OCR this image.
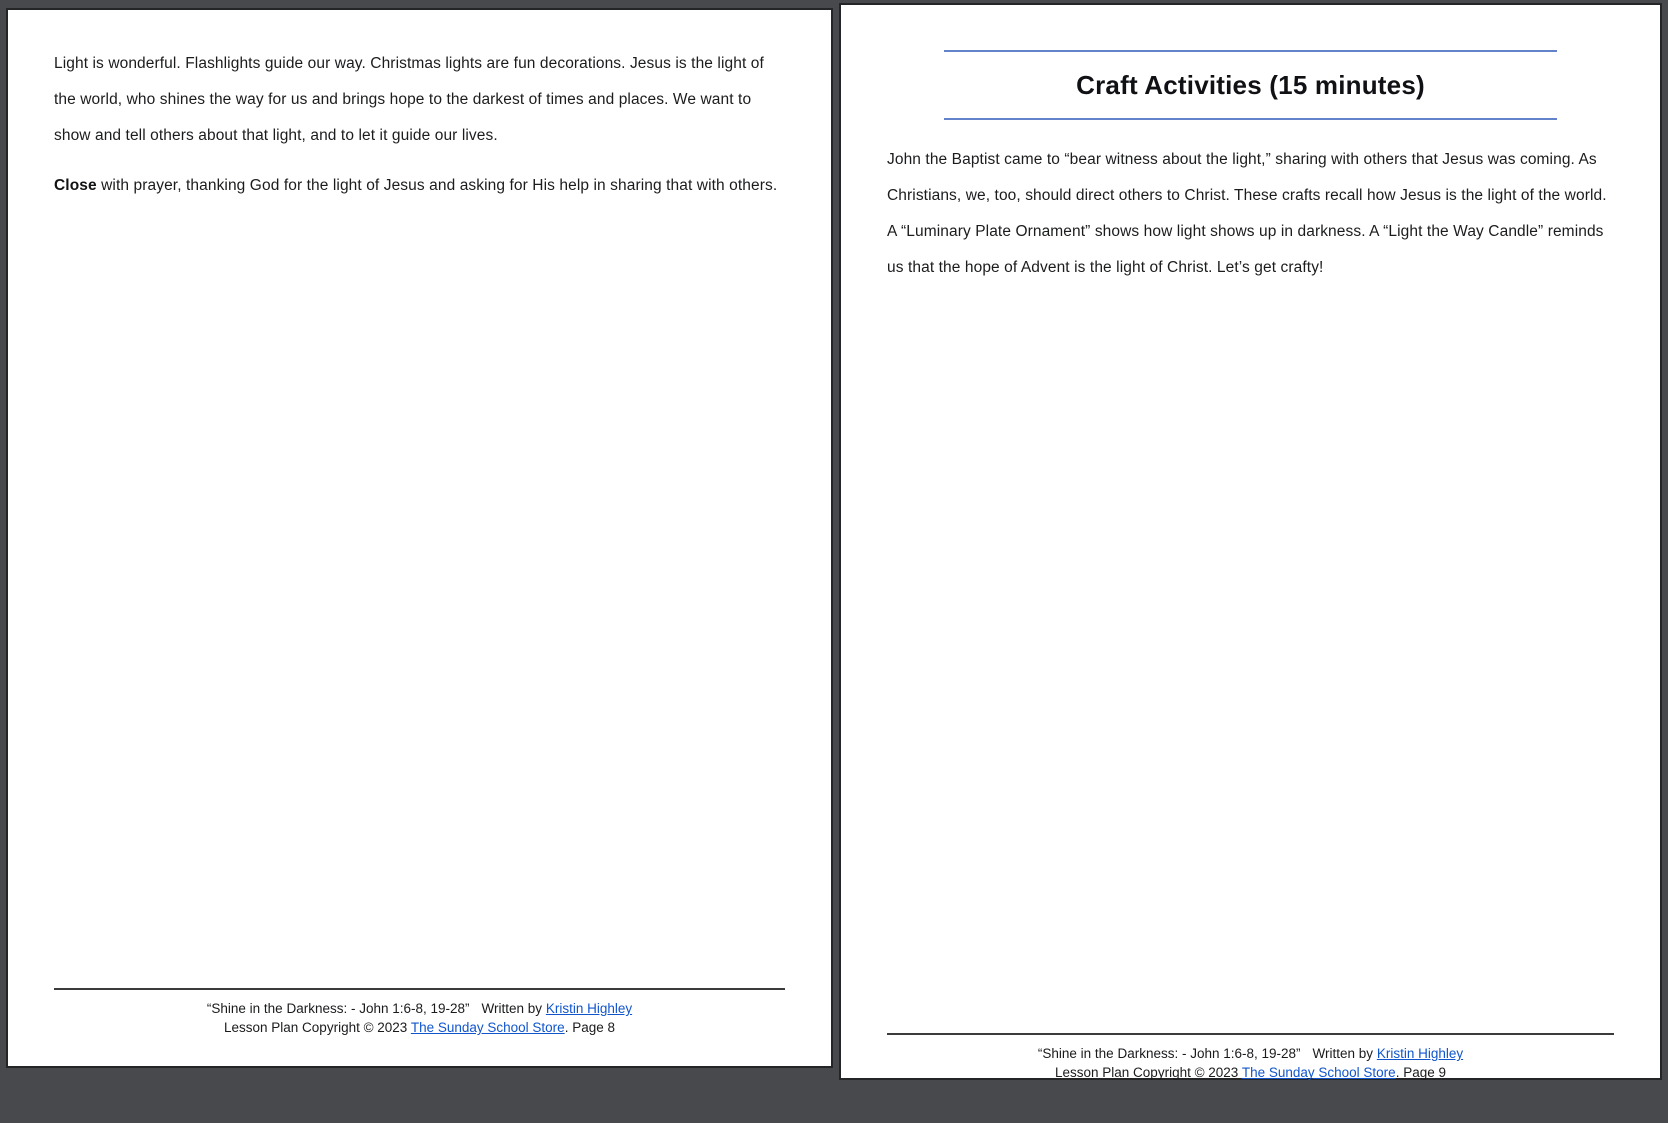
Light is wonderful. Flashlights guide our way. Christmas lights are fun decorations. Jesus is the light of the world, who shines the way for us and brings hope to the darkest of times and places. We want to show and tell others about that light, and to let it guide our lives.

Close with prayer, thanking God for the light of Jesus and asking for His help in sharing that with others.

“Shine in the Darkness: - John 1:6-8, 19-28” Written by Kristin Highley
Lesson Plan Copyright © 2023 The Sunday School Store. Page 8
Craft Activities (15 minutes)

John the Baptist came to “bear witness about the light,” sharing with others that Jesus was coming. As Christians, we, too, should direct others to Christ. These crafts recall how Jesus is the light of the world. A “Luminary Plate Ornament” shows how light shows up in darkness. A “Light the Way Candle” reminds us that the hope of Advent is the light of Christ. Let’s get crafty!

“Shine in the Darkness: - John 1:6-8, 19-28” Written by Kristin Highley
Lesson Plan Copyright © 2023 The Sunday School Store. Page 9
